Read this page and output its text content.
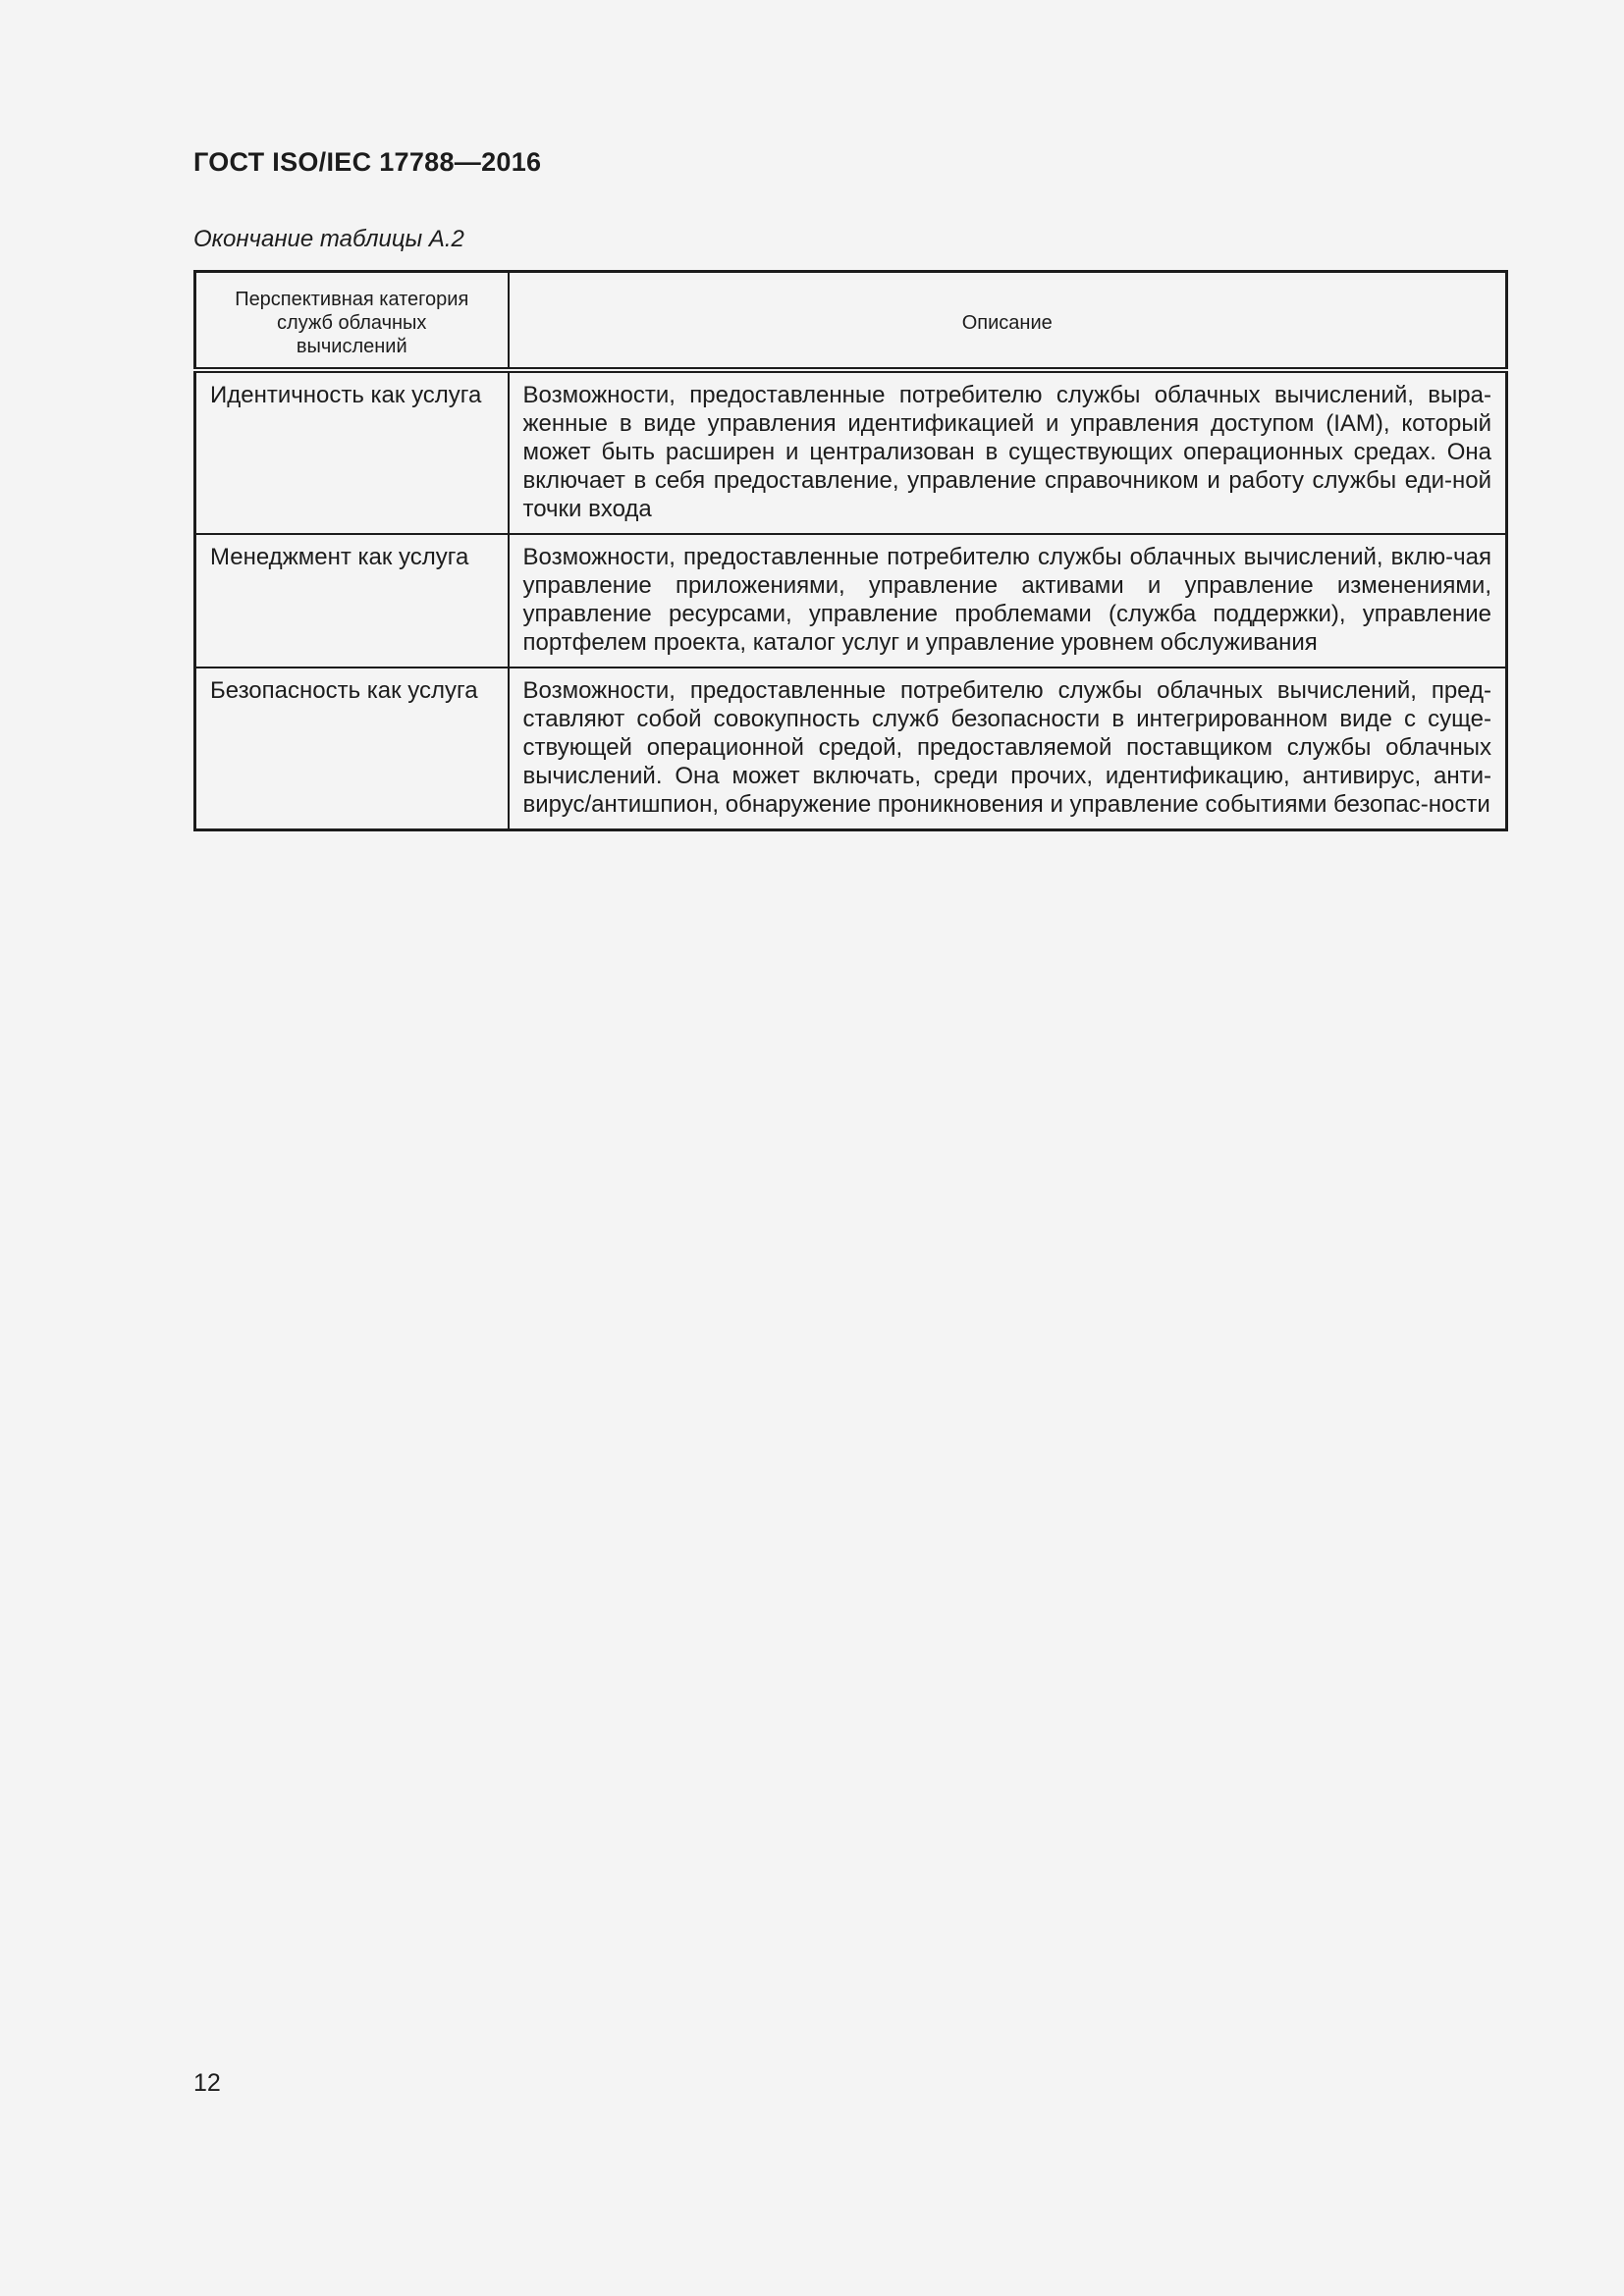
ГОСТ ISO/IEC 17788—2016
Окончание таблицы А.2
Перспективная категория
служб облачных
вычислений	Описание
Идентичность как услуга	Возможности, предоставленные потребителю службы облачных вычислений, выра-женные в виде управления идентификацией и управления доступом (IAM), который может быть расширен и централизован в существующих операционных средах. Она включает в себя предоставление, управление справочником и работу службы еди-ной точки входа
Менеджмент как услуга	Возможности, предоставленные потребителю службы облачных вычислений, вклю-чая управление приложениями, управление активами и управление изменениями, управление ресурсами, управление проблемами (служба поддержки), управление портфелем проекта, каталог услуг и управление уровнем обслуживания
Безопасность как услуга	Возможности, предоставленные потребителю службы облачных вычислений, пред-ставляют собой совокупность служб безопасности в интегрированном виде с суще-ствующей операционной средой, предоставляемой поставщиком службы облачных вычислений. Она может включать, среди прочих, идентификацию, антивирус, анти-вирус/антишпион, обнаружение проникновения и управление событиями безопас-ности
12
